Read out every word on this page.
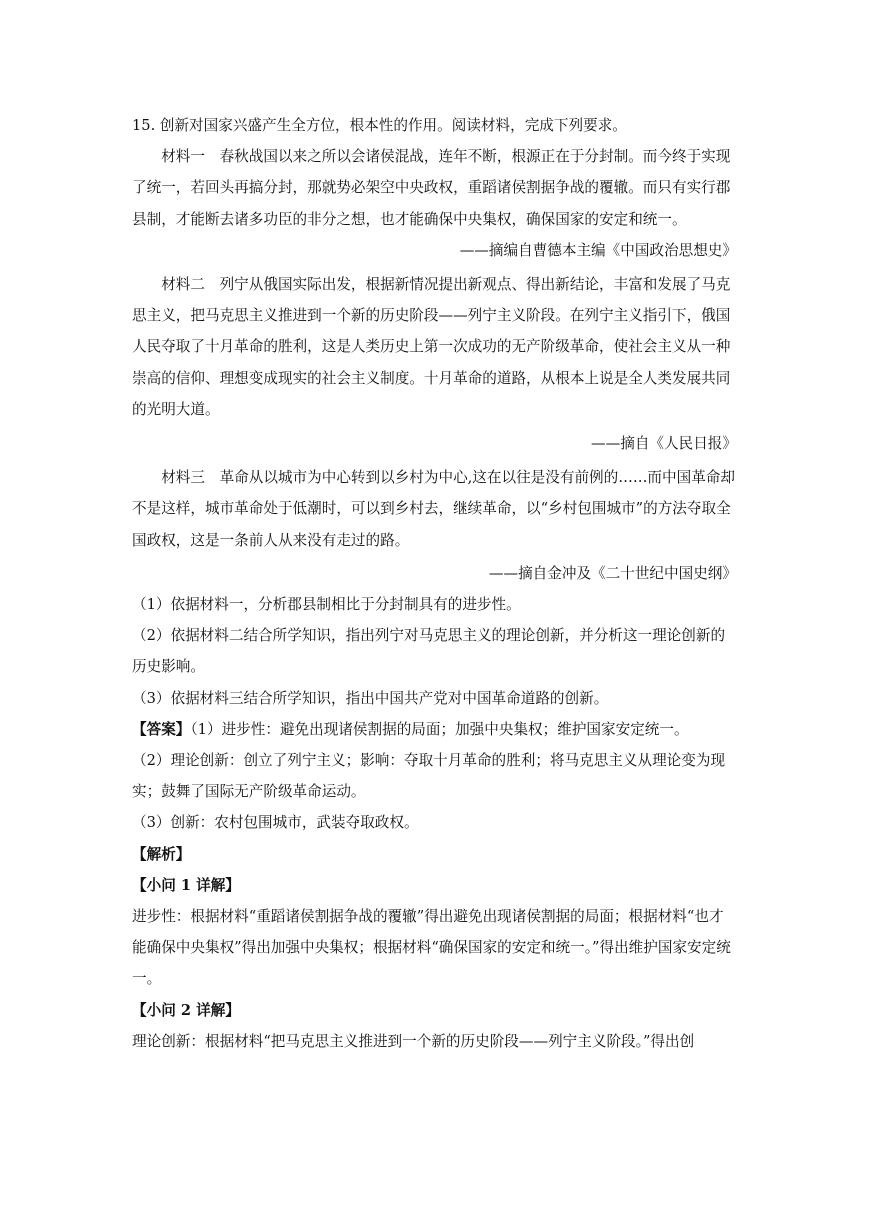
15. 创新对国家兴盛产生全方位，根本性的作用。阅读材料，完成下列要求。

材料一　春秋战国以来之所以会诸侯混战，连年不断，根源正在于分封制。而今终于实现了统一，若回头再搞分封，那就势必架空中央政权，重蹈诸侯割据争战的覆辙。而只有实行郡县制，才能断去诸多功臣的非分之想，也才能确保中央集权，确保国家的安定和统一。

——摘编自曹德本主编《中国政治思想史》

材料二　列宁从俄国实际出发，根据新情况提出新观点、得出新结论，丰富和发展了马克思主义，把马克思主义推进到一个新的历史阶段——列宁主义阶段。在列宁主义指引下，俄国人民夺取了十月革命的胜利，这是人类历史上第一次成功的无产阶级革命，使社会主义从一种崇高的信仰、理想变成现实的社会主义制度。十月革命的道路，从根本上说是全人类发展共同的光明大道。

——摘自《人民日报》

材料三　革命从以城市为中心转到以乡村为中心,这在以往是没有前例的……而中国革命却不是这样，城市革命处于低潮时，可以到乡村去，继续革命，以“乡村包围城市”的方法夺取全国政权，这是一条前人从来没有走过的路。

——摘自金冲及《二十世纪中国史纲》

（1）依据材料一，分析郡县制相比于分封制具有的进步性。

（2）依据材料二结合所学知识，指出列宁对马克思主义的理论创新，并分析这一理论创新的历史影响。

（3）依据材料三结合所学知识，指出中国共产党对中国革命道路的创新。

【答案】（1）进步性：避免出现诸侯割据的局面；加强中央集权；维护国家安定统一。

（2）理论创新：创立了列宁主义；影响：夺取十月革命的胜利；将马克思主义从理论变为现实；鼓舞了国际无产阶级革命运动。

（3）创新：农村包围城市，武装夺取政权。

【解析】

【小问 1 详解】

进步性：根据材料“重蹈诸侯割据争战的覆辙”得出避免出现诸侯割据的局面；根据材料“也才能确保中央集权”得出加强中央集权；根据材料“确保国家的安定和统一。”得出维护国家安定统一。

【小问 2 详解】

理论创新：根据材料“把马克思主义推进到一个新的历史阶段——列宁主义阶段。”得出创
